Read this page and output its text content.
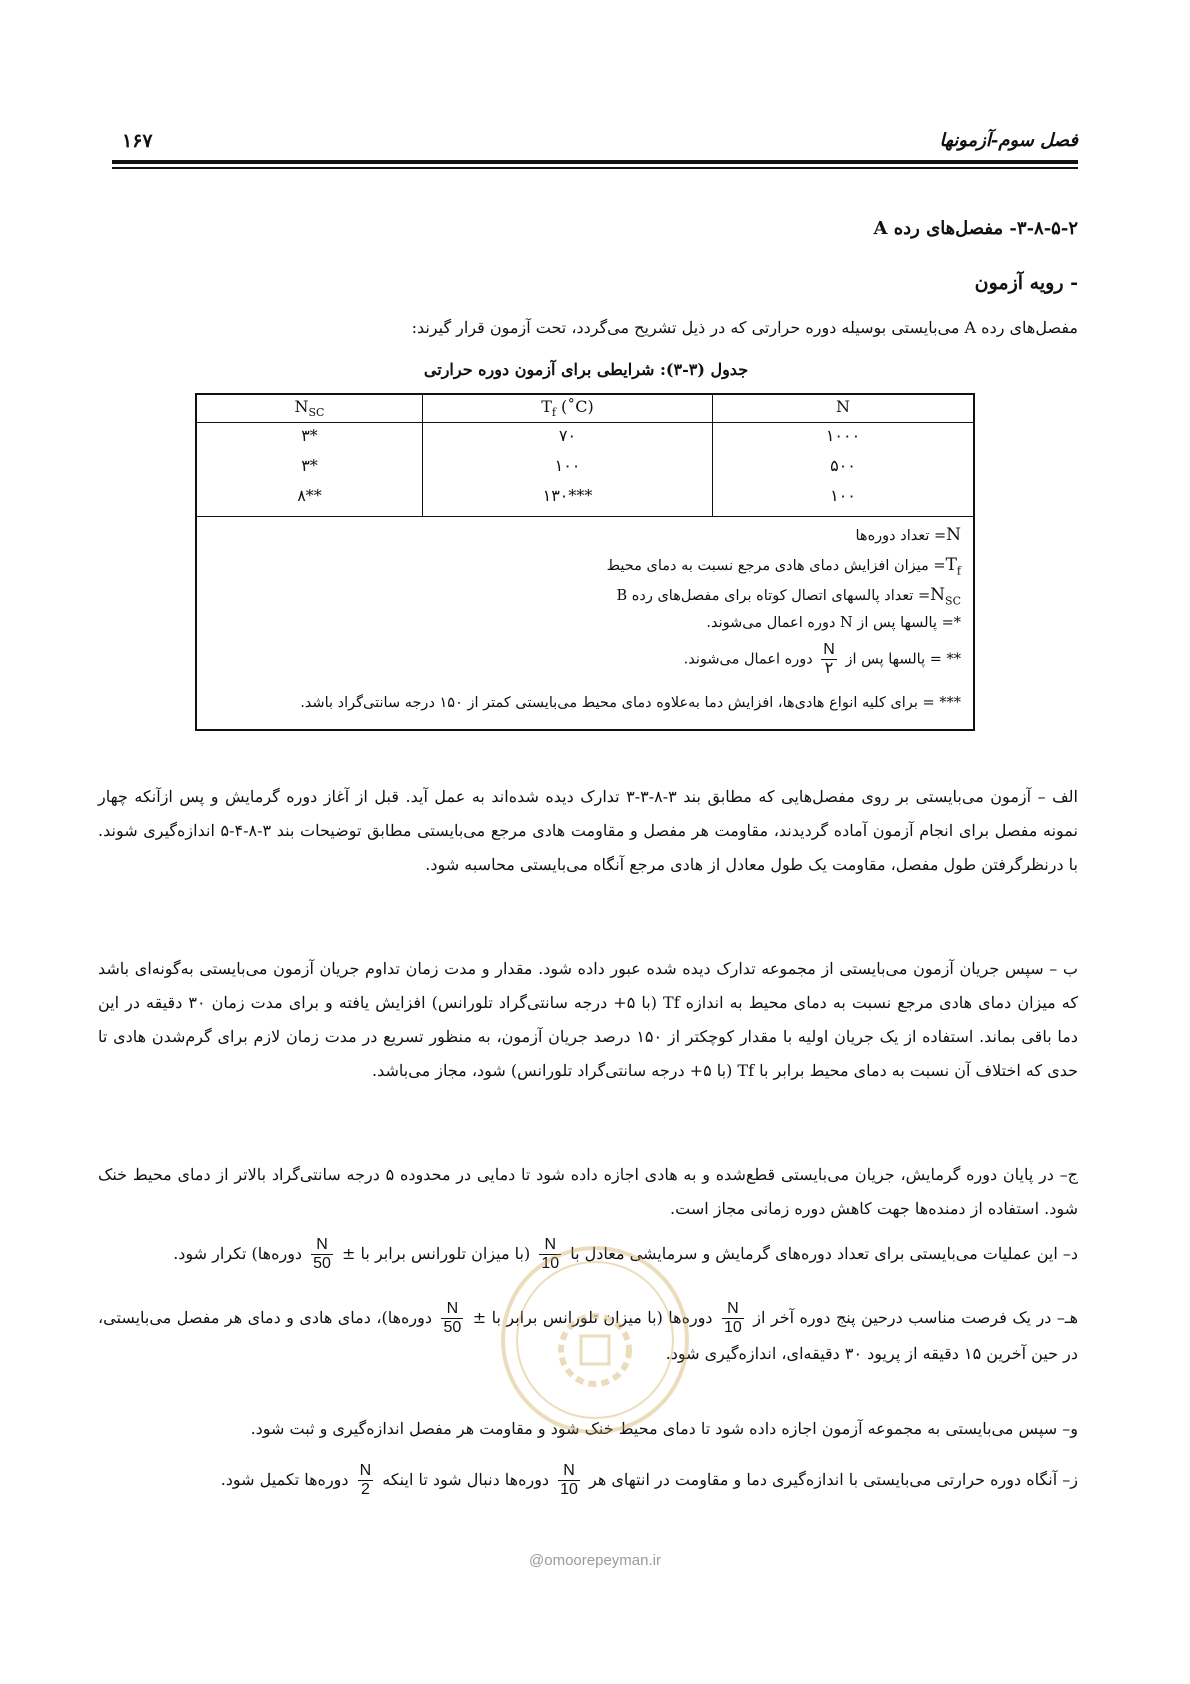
فصل سوم-آزمونها
۱۶۷
۳-۸-۵-۲- مفصل‌های رده A
- رویه آزمون
مفصل‌های رده A می‌بایستی بوسیله دوره حرارتی که در ذیل تشریح می‌گردد، تحت آزمون قرار گیرند:
جدول (۳-۳): شرایطی برای آزمون دوره حرارتی
$N_{SC}$	$T_f$ (˚C)	N
۳*	۷۰	۱۰۰۰
۳*	۱۰۰	۵۰۰
۸**	۱۳۰***	۱۰۰
N= تعداد دوره‌ها
$T_f=$ میزان افزایش دمای هادی مرجع نسبت به دمای محیط
$N_{SC}=$ تعداد پالسهای اتصال کوتاه برای مفصل‌های رده B
*= پالسها پس از N دوره اعمال می‌شوند.
** = پالسها پس از
$\frac{N}{۲}$
دوره اعمال می‌شوند.
*** = برای کلیه انواع هادی‌ها، افزایش دما به‌علاوه دمای محیط می‌بایستی کمتر از ۱۵۰ درجه سانتی‌گراد باشد.
الف – آزمون می‌بایستی بر روی مفصل‌هایی که مطابق بند ۳-۸-۳-۳ تدارک دیده شده‌اند به عمل آید. قبل از آغاز دوره گرمایش و پس ازآنکه چهار نمونه مفصل برای انجام آزمون آماده گردیدند، مقاومت هر مفصل و مقاومت هادی مرجع می‌بایستی مطابق توضیحات بند ۳-۸-۴-۵ اندازه‌گیری شوند. با درنظرگرفتن طول مفصل، مقاومت یک طول معادل از هادی مرجع آنگاه می‌بایستی محاسبه شود.
ب – سپس جریان آزمون می‌بایستی از مجموعه تدارک دیده شده عبور داده شود. مقدار و مدت زمان تداوم جریان آزمون می‌بایستی به‌گونه‌ای باشد که میزان دمای هادی مرجع نسبت به دمای محیط به اندازه Tf (با ۵+ درجه سانتی‌گراد تلورانس) افزایش یافته و برای مدت زمان ۳۰ دقیقه در این دما باقی بماند. استفاده از یک جریان اولیه با مقدار کوچکتر از ۱۵۰ درصد جریان آزمون، به منظور تسریع در مدت زمان لازم برای گرم‌شدن هادی تا حدی که اختلاف آن نسبت به دمای محیط برابر با Tf (با ۵+ درجه سانتی‌گراد تلورانس) شود، مجاز می‌باشد.
ج– در پایان دوره گرمایش، جریان می‌بایستی قطع‌شده و به هادی اجازه داده شود تا دمایی در محدوده ۵ درجه سانتی‌گراد بالاتر از دمای محیط خنک شود. استفاده از دمنده‌ها جهت کاهش دوره زمانی مجاز است.
د– این عملیات می‌بایستی برای تعداد دوره‌های گرمایش و سرمایشی معادل با
$\frac{N}{10}$
(با میزان تلورانس برابر با ±
$\frac{N}{50}$
دوره‌ها) تکرار شود.
هـ– در یک فرصت مناسب درحین پنج دوره آخر از
$\frac{N}{10}$
دوره‌ها (با میزان تلورانس برابر با ±
$\frac{N}{50}$
دوره‌ها)، دمای هادی و دمای هر مفصل می‌بایستی، در حین آخرین ۱۵ دقیقه از پریود ۳۰ دقیقه‌ای، اندازه‌گیری شود.
و– سپس می‌بایستی به مجموعه آزمون اجازه داده شود تا دمای محیط خنک شود و مقاومت هر مفصل اندازه‌گیری و ثبت شود.
ز– آنگاه دوره حرارتی می‌بایستی با اندازه‌گیری دما و مقاومت در انتهای هر
$\frac{N}{10}$
دوره‌ها دنبال شود تا اینکه
$\frac{N}{2}$
دوره‌ها تکمیل شود.
@omoorepeyman.ir
